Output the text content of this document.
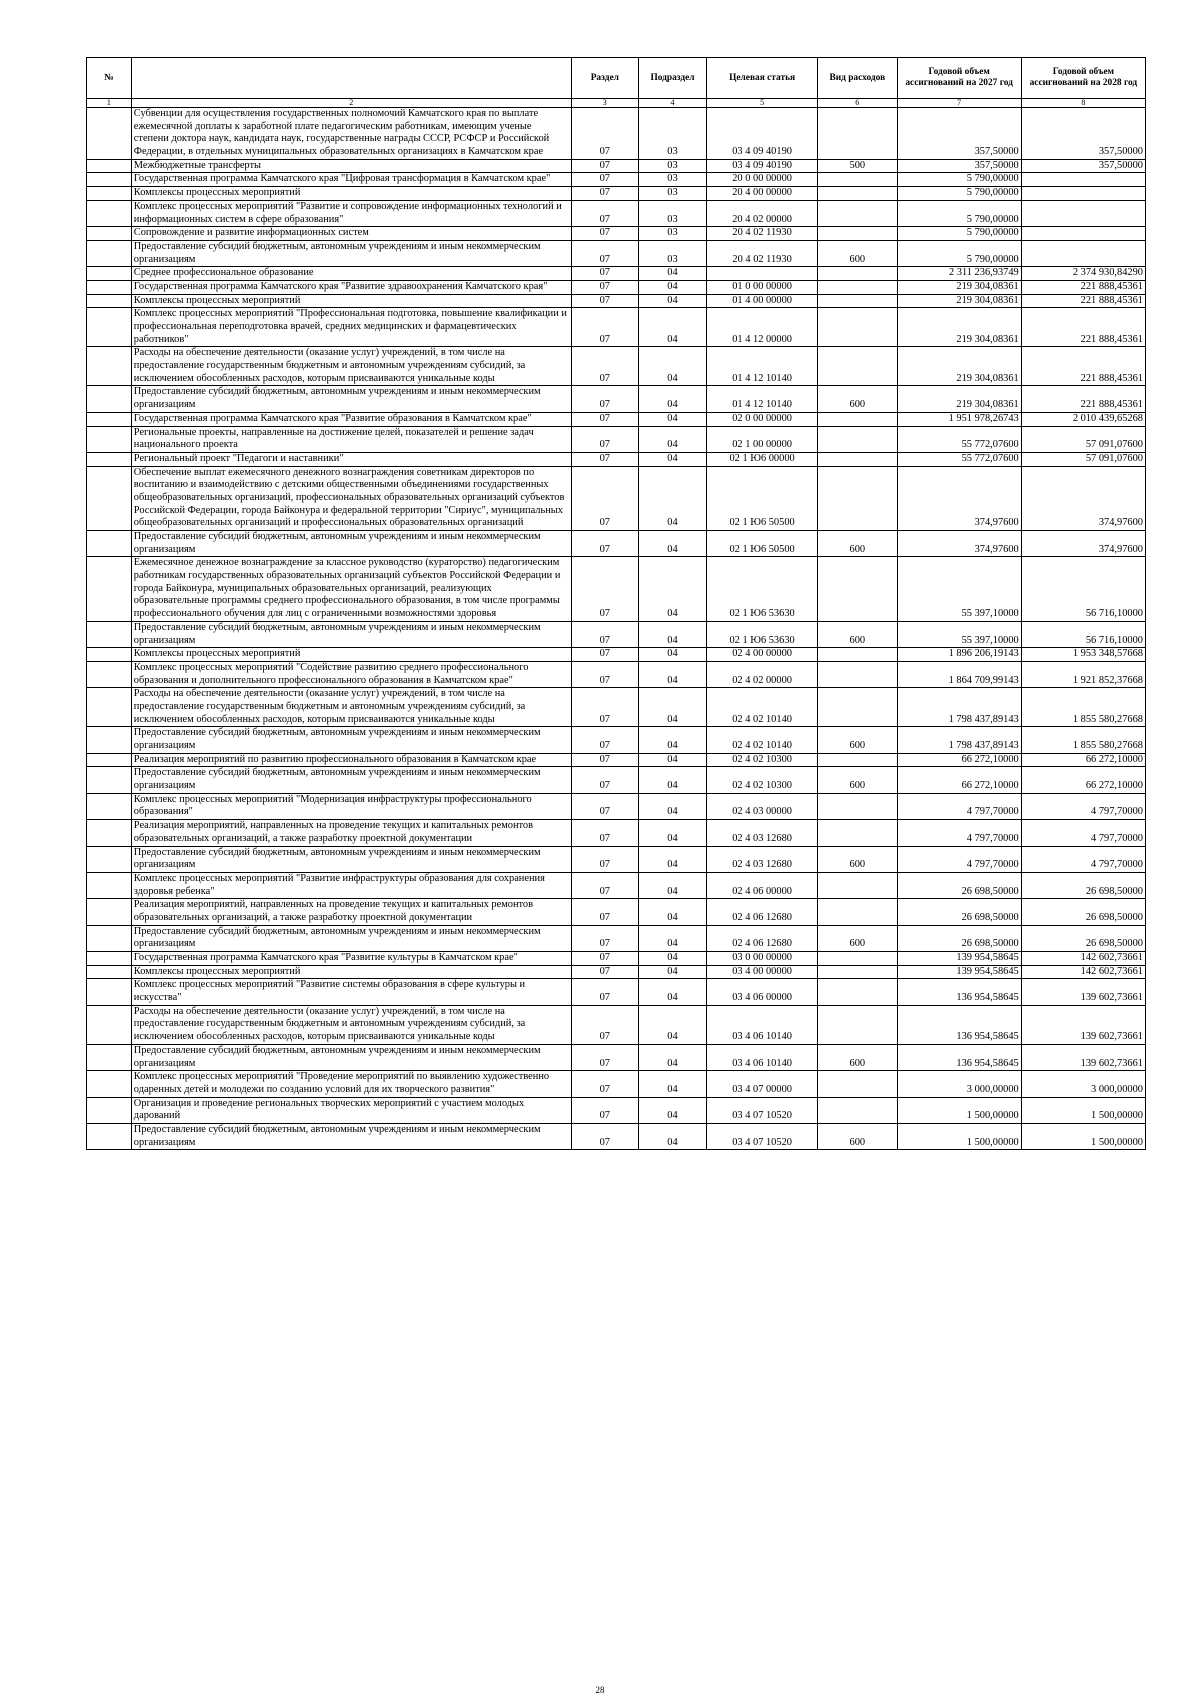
№		Раздел	Подраздел	Целевая статья	Вид расходов	Годовой объем ассигнований на 2027 год	Годовой объем ассигнований на 2028 год
1	2	3	4	5	6	7	8
	Субвенции для осуществления государственных полномочий Камчатского края по выплате ежемесячной доплаты к заработной плате педагогическим работникам, имеющим ученые степени доктора наук, кандидата наук, государственные награды СССР, РСФСР и Российской Федерации, в отдельных муниципальных образовательных организациях в Камчатском крае	07	03	03 4 09 40190		357,50000	357,50000
	Межбюджетные трансферты	07	03	03 4 09 40190	500	357,50000	357,50000
	Государственная программа Камчатского края "Цифровая трансформация в Камчатском крае"	07	03	20 0 00 00000		5 790,00000	
	Комплексы процессных мероприятий	07	03	20 4 00 00000		5 790,00000	
	Комплекс процессных мероприятий "Развитие и сопровождение информационных технологий и информационных систем в сфере образования"	07	03	20 4 02 00000		5 790,00000	
	Сопровождение и развитие информационных систем	07	03	20 4 02 11930		5 790,00000	
	Предоставление субсидий бюджетным, автономным учреждениям и иным некоммерческим организациям	07	03	20 4 02 11930	600	5 790,00000	
	Среднее профессиональное образование	07	04			2 311 236,93749	2 374 930,84290
	Государственная программа Камчатского края "Развитие здравоохранения Камчатского края"	07	04	01 0 00 00000		219 304,08361	221 888,45361
	Комплексы процессных мероприятий	07	04	01 4 00 00000		219 304,08361	221 888,45361
	Комплекс процессных мероприятий "Профессиональная подготовка, повышение квалификации и профессиональная переподготовка врачей, средних медицинских и фармацевтических работников"	07	04	01 4 12 00000		219 304,08361	221 888,45361
	Расходы на обеспечение деятельности (оказание услуг) учреждений, в том числе на предоставление государственным бюджетным и автономным учреждениям субсидий, за исключением обособленных расходов, которым присваиваются уникальные коды	07	04	01 4 12 10140		219 304,08361	221 888,45361
	Предоставление субсидий бюджетным, автономным учреждениям и иным некоммерческим организациям	07	04	01 4 12 10140	600	219 304,08361	221 888,45361
	Государственная программа Камчатского края "Развитие образования в Камчатском крае"	07	04	02 0 00 00000		1 951 978,26743	2 010 439,65268
	Региональные проекты, направленные на достижение целей, показателей и решение задач национального проекта	07	04	02 1 00 00000		55 772,07600	57 091,07600
	Региональный проект "Педагоги и наставники"	07	04	02 1 Ю6 00000		55 772,07600	57 091,07600
	Обеспечение выплат ежемесячного денежного вознаграждения советникам директоров по воспитанию и взаимодействию с детскими общественными объединениями государственных общеобразовательных организаций, профессиональных образовательных организаций субъектов Российской Федерации, города Байконура и федеральной территории "Сириус", муниципальных общеобразовательных организаций и профессиональных образовательных организаций	07	04	02 1 Ю6 50500		374,97600	374,97600
	Предоставление субсидий бюджетным, автономным учреждениям и иным некоммерческим организациям	07	04	02 1 Ю6 50500	600	374,97600	374,97600
	Ежемесячное денежное вознаграждение за классное руководство (кураторство) педагогическим работникам государственных образовательных организаций субъектов Российской Федерации и города Байконура, муниципальных образовательных организаций, реализующих образовательные программы среднего профессионального образования, в том числе программы профессионального обучения для лиц с ограниченными возможностями здоровья	07	04	02 1 Ю6 53630		55 397,10000	56 716,10000
	Предоставление субсидий бюджетным, автономным учреждениям и иным некоммерческим организациям	07	04	02 1 Ю6 53630	600	55 397,10000	56 716,10000
	Комплексы процессных мероприятий	07	04	02 4 00 00000		1 896 206,19143	1 953 348,57668
	Комплекс процессных мероприятий "Содействие развитию среднего профессионального образования и дополнительного профессионального образования в Камчатском крае"	07	04	02 4 02 00000		1 864 709,99143	1 921 852,37668
	Расходы на обеспечение деятельности (оказание услуг) учреждений, в том числе на предоставление государственным бюджетным и автономным учреждениям субсидий, за исключением обособленных расходов, которым присваиваются уникальные коды	07	04	02 4 02 10140		1 798 437,89143	1 855 580,27668
	Предоставление субсидий бюджетным, автономным учреждениям и иным некоммерческим организациям	07	04	02 4 02 10140	600	1 798 437,89143	1 855 580,27668
	Реализация мероприятий по развитию профессионального образования в Камчатском крае	07	04	02 4 02 10300		66 272,10000	66 272,10000
	Предоставление субсидий бюджетным, автономным учреждениям и иным некоммерческим организациям	07	04	02 4 02 10300	600	66 272,10000	66 272,10000
	Комплекс процессных мероприятий "Модернизация инфраструктуры профессионального образования"	07	04	02 4 03 00000		4 797,70000	4 797,70000
	Реализация мероприятий, направленных на проведение текущих и капитальных ремонтов образовательных организаций, а также разработку проектной документации	07	04	02 4 03 12680		4 797,70000	4 797,70000
	Предоставление субсидий бюджетным, автономным учреждениям и иным некоммерческим организациям	07	04	02 4 03 12680	600	4 797,70000	4 797,70000
	Комплекс процессных мероприятий "Развитие инфраструктуры образования для сохранения здоровья ребенка"	07	04	02 4 06 00000		26 698,50000	26 698,50000
	Реализация мероприятий, направленных на проведение текущих и капитальных ремонтов образовательных организаций, а также разработку проектной документации	07	04	02 4 06 12680		26 698,50000	26 698,50000
	Предоставление субсидий бюджетным, автономным учреждениям и иным некоммерческим организациям	07	04	02 4 06 12680	600	26 698,50000	26 698,50000
	Государственная программа Камчатского края "Развитие культуры в Камчатском крае"	07	04	03 0 00 00000		139 954,58645	142 602,73661
	Комплексы процессных мероприятий	07	04	03 4 00 00000		139 954,58645	142 602,73661
	Комплекс процессных мероприятий "Развитие системы образования в сфере культуры и искусства"	07	04	03 4 06 00000		136 954,58645	139 602,73661
	Расходы на обеспечение деятельности (оказание услуг) учреждений, в том числе на предоставление государственным бюджетным и автономным учреждениям субсидий, за исключением обособленных расходов, которым присваиваются уникальные коды	07	04	03 4 06 10140		136 954,58645	139 602,73661
	Предоставление субсидий бюджетным, автономным учреждениям и иным некоммерческим организациям	07	04	03 4 06 10140	600	136 954,58645	139 602,73661
	Комплекс процессных мероприятий "Проведение мероприятий по выявлению художественно одаренных детей и молодежи по созданию условий для их творческого развития"	07	04	03 4 07 00000		3 000,00000	3 000,00000
	Организация и проведение региональных творческих мероприятий с участием молодых дарований	07	04	03 4 07 10520		1 500,00000	1 500,00000
	Предоставление субсидий бюджетным, автономным учреждениям и иным некоммерческим организациям	07	04	03 4 07 10520	600	1 500,00000	1 500,00000
28
